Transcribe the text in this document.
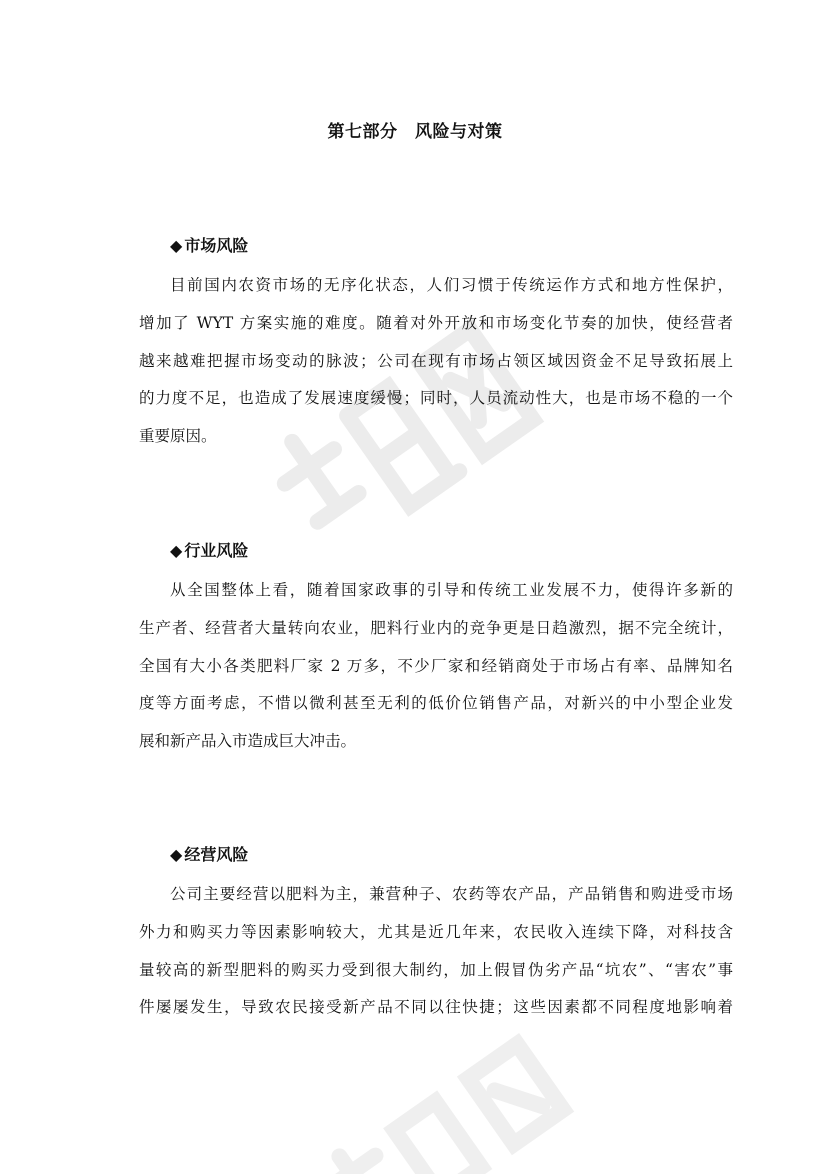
第七部分　风险与对策
◆ 市场风险
目前国内农资市场的无序化状态，人们习惯于传统运作方式和地方性保护，
增加了 WYT 方案实施的难度。随着对外开放和市场变化节奏的加快，使经营者
越来越难把握市场变动的脉波；公司在现有市场占领区域因资金不足导致拓展上
的力度不足，也造成了发展速度缓慢；同时，人员流动性大，也是市场不稳的一个
重要原因。
◆ 行业风险
从全国整体上看，随着国家政事的引导和传统工业发展不力，使得许多新的
生产者、经营者大量转向农业，肥料行业内的竞争更是日趋激烈，据不完全统计，
全国有大小各类肥料厂家 2 万多，不少厂家和经销商处于市场占有率、品牌知名
度等方面考虑，不惜以微利甚至无利的低价位销售产品，对新兴的中小型企业发
展和新产品入市造成巨大冲击。
◆ 经营风险
公司主要经营以肥料为主，兼营种子、农药等农产品，产品销售和购进受市场
外力和购买力等因素影响较大，尤其是近几年来，农民收入连续下降，对科技含
量较高的新型肥料的购买力受到很大制约，加上假冒伪劣产品“坑农”、“害农”事
件屡屡发生，导致农民接受新产品不同以往快捷；这些因素都不同程度地影响着
